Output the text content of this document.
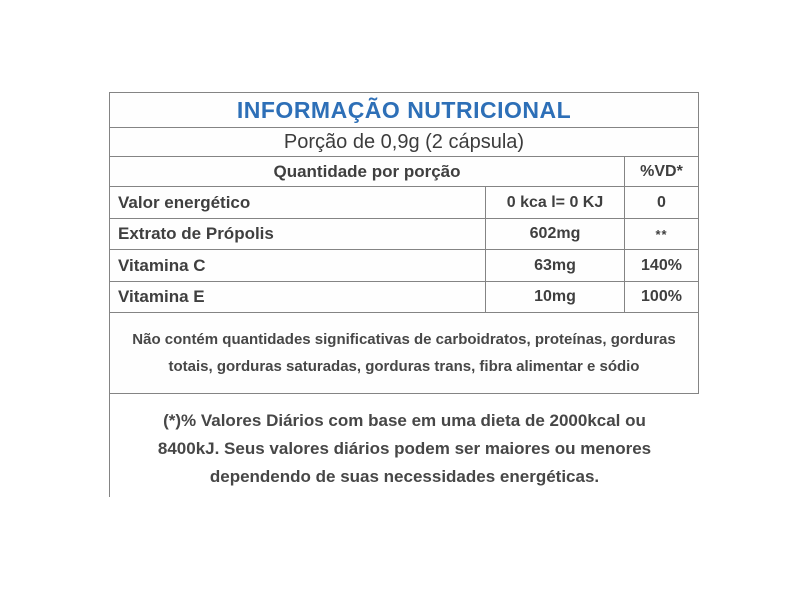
INFORMAÇÃO NUTRICIONAL
Porção de 0,9g (2 cápsula)
Quantidade por porção	%VD*
Valor energético	0 kca l= 0 KJ	0
Extrato de Própolis	602mg	**
Vitamina C	63mg	140%
Vitamina E	10mg	100%
Não contém quantidades significativas de carboidratos, proteínas, gorduras totais, gorduras saturadas, gorduras trans, fibra alimentar e sódio
(*)% Valores Diários com base em uma dieta de 2000kcal ou 8400kJ. Seus valores diários podem ser maiores ou menores dependendo de suas necessidades energéticas.
